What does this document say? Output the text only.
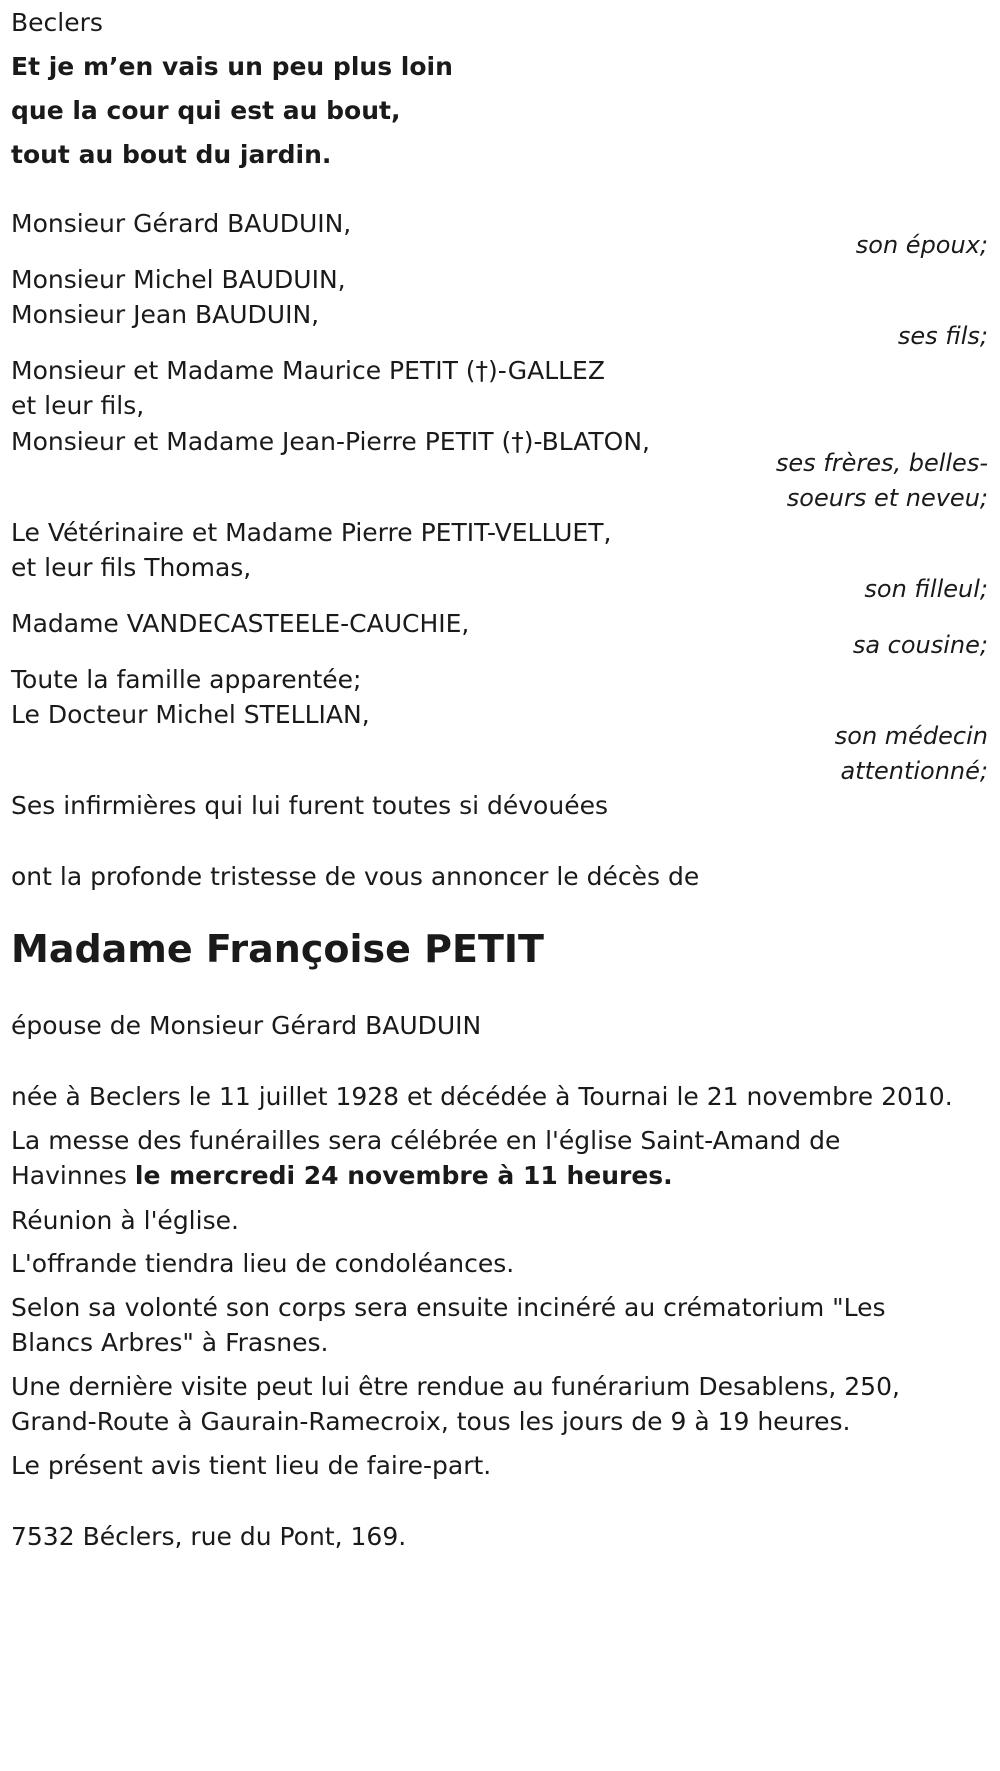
Beclers
Et je m’en vais un peu plus loin
que la cour qui est au bout,
tout au bout du jardin.
Monsieur Gérard BAUDUIN,
son époux;
Monsieur Michel BAUDUIN,
Monsieur Jean BAUDUIN,
ses fils;
Monsieur et Madame Maurice PETIT (†)-GALLEZ
et leur fils,
Monsieur et Madame Jean-Pierre PETIT (†)-BLATON,
ses frères, belles-
soeurs et neveu;
Le Vétérinaire et Madame Pierre PETIT-VELLUET,
et leur fils Thomas,
son filleul;
Madame VANDECASTEELE-CAUCHIE,
sa cousine;
Toute la famille apparentée;
Le Docteur Michel STELLIAN,
son médecin
attentionné;
Ses infirmières qui lui furent toutes si dévouées
ont la profonde tristesse de vous annoncer le décès de
Madame Françoise PETIT
épouse de Monsieur Gérard BAUDUIN
née à Beclers le 11 juillet 1928 et décédée à Tournai le 21 novembre 2010.
La messe des funérailles sera célébrée en l'église Saint-Amand de
Havinnes le mercredi 24 novembre à 11 heures.
Réunion à l'église.
L'offrande tiendra lieu de condoléances.
Selon sa volonté son corps sera ensuite incinéré au crématorium "Les
Blancs Arbres" à Frasnes.
Une dernière visite peut lui être rendue au funérarium Desablens, 250,
Grand-Route à Gaurain-Ramecroix, tous les jours de 9 à 19 heures.
Le présent avis tient lieu de faire-part.
7532 Béclers, rue du Pont, 169.
